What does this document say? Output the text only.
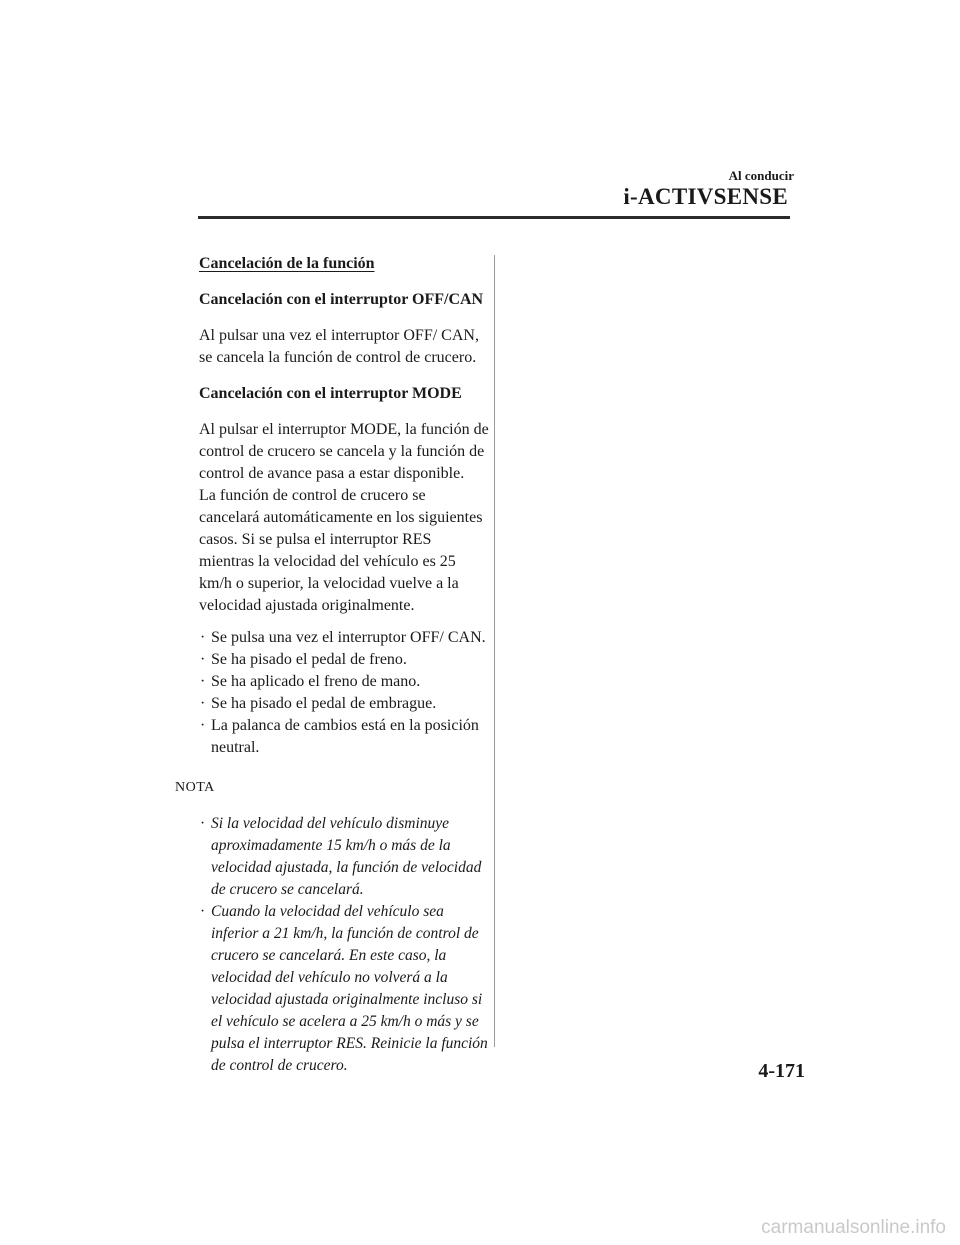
Al conducir
i-ACTIVSENSE

Cancelación de la función

Cancelación con el interruptor OFF/CAN

Al pulsar una vez el interruptor OFF/ CAN, se cancela la función de control de crucero.

Cancelación con el interruptor MODE

Al pulsar el interruptor MODE, la función de control de crucero se cancela y la función de control de avance pasa a estar disponible.

La función de control de crucero se cancelará automáticamente en los siguientes casos. Si se pulsa el interruptor RES mientras la velocidad del vehículo es 25 km/h o superior, la velocidad vuelve a la velocidad ajustada originalmente.

· Se pulsa una vez el interruptor OFF/ CAN.
· Se ha pisado el pedal de freno.
· Se ha aplicado el freno de mano.
· Se ha pisado el pedal de embrague.
· La palanca de cambios está en la posición neutral.

NOTA

· Si la velocidad del vehículo disminuye aproximadamente 15 km/h o más de la velocidad ajustada, la función de velocidad de crucero se cancelará.
· Cuando la velocidad del vehículo sea inferior a 21 km/h, la función de control de crucero se cancelará. En este caso, la velocidad del vehículo no volverá a la velocidad ajustada originalmente incluso si el vehículo se acelera a 25 km/h o más y se pulsa el interruptor RES. Reinicie la función de control de crucero.	4-171
carmanualsonline.info
